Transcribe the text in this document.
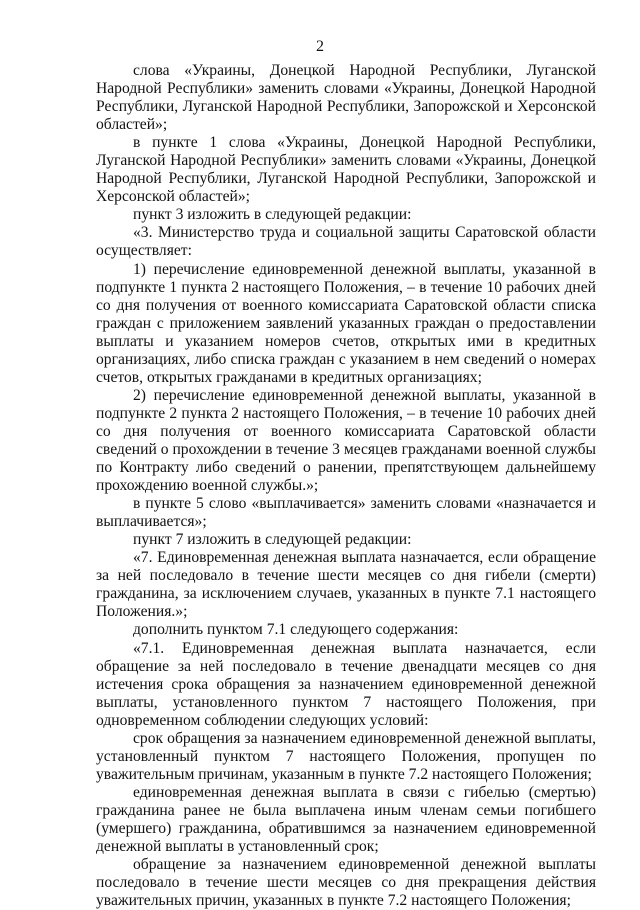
2

слова «Украины, Донецкой Народной Республики, Луганской Народной Республики» заменить словами «Украины, Донецкой Народной Республики, Луганской Народной Республики, Запорожской и Херсонской областей»;

в пункте 1 слова «Украины, Донецкой Народной Республики, Луганской Народной Республики» заменить словами «Украины, Донецкой Народной Республики, Луганской Народной Республики, Запорожской и Херсонской областей»;

пункт 3 изложить в следующей редакции:

«3. Министерство труда и социальной защиты Саратовской области осуществляет:

1) перечисление единовременной денежной выплаты, указанной в подпункте 1 пункта 2 настоящего Положения, – в течение 10 рабочих дней со дня получения от военного комиссариата Саратовской области списка граждан с приложением заявлений указанных граждан о предоставлении выплаты и указанием номеров счетов, открытых ими в кредитных организациях, либо списка граждан с указанием в нем сведений о номерах счетов, открытых гражданами в кредитных организациях;

2) перечисление единовременной денежной выплаты, указанной в подпункте 2 пункта 2 настоящего Положения, – в течение 10 рабочих дней со дня получения от военного комиссариата Саратовской области сведений о прохождении в течение 3 месяцев гражданами военной службы по Контракту либо сведений о ранении, препятствующем дальнейшему прохождению военной службы.»;

в пункте 5 слово «выплачивается» заменить словами «назначается и выплачивается»;

пункт 7 изложить в следующей редакции:

«7. Единовременная денежная выплата назначается, если обращение за ней последовало в течение шести месяцев со дня гибели (смерти) гражданина, за исключением случаев, указанных в пункте 7.1 настоящего Положения.»;

дополнить пунктом 7.1 следующего содержания:

«7.1. Единовременная денежная выплата назначается, если обращение за ней последовало в течение двенадцати месяцев со дня истечения срока обращения за назначением единовременной денежной выплаты, установленного пунктом 7 настоящего Положения, при одновременном соблюдении следующих условий:

срок обращения за назначением единовременной денежной выплаты, установленный пунктом 7 настоящего Положения, пропущен по уважительным причинам, указанным в пункте 7.2 настоящего Положения;

единовременная денежная выплата в связи с гибелью (смертью) гражданина ранее не была выплачена иным членам семьи погибшего (умершего) гражданина, обратившимся за назначением единовременной денежной выплаты в установленный срок;

обращение за назначением единовременной денежной выплаты последовало в течение шести месяцев со дня прекращения действия уважительных причин, указанных в пункте 7.2 настоящего Положения;
